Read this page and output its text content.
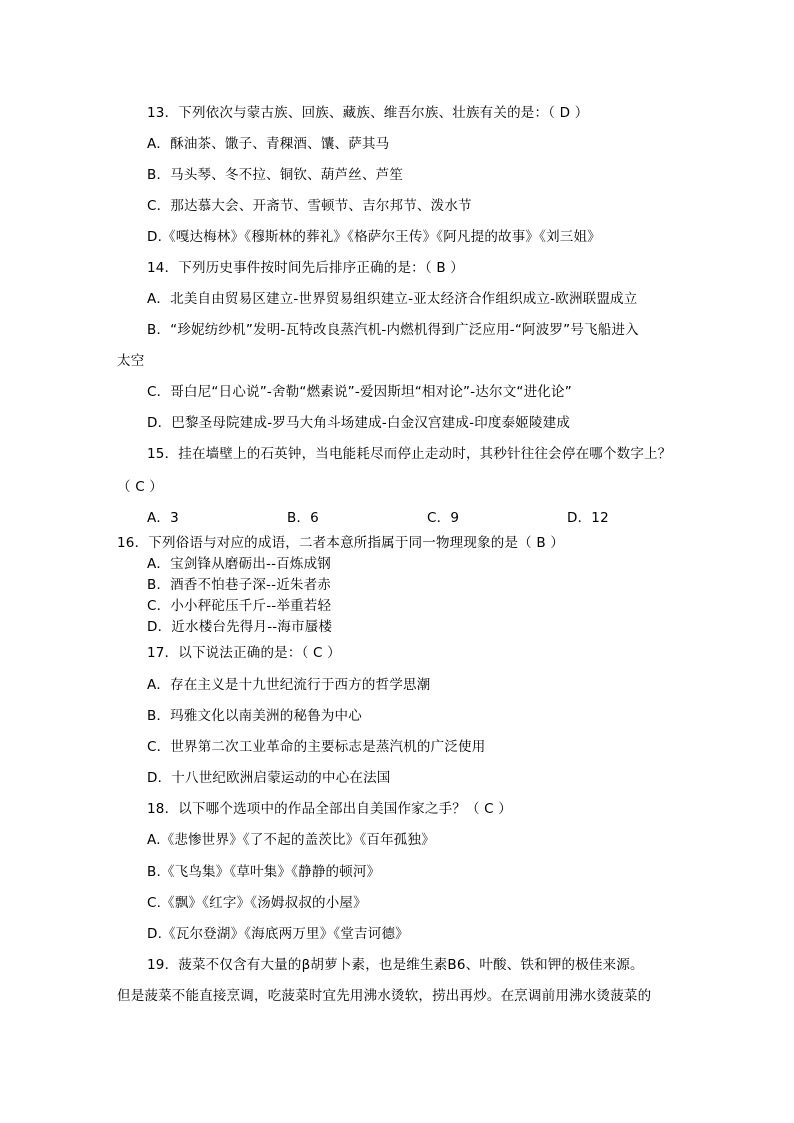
13．下列依次与蒙古族、回族、藏族、维吾尔族、壮族有关的是：（ D ）
A．酥油茶、馓子、青稞酒、馕、萨其马
B．马头琴、冬不拉、铜钦、葫芦丝、芦笙
C．那达慕大会、开斋节、雪顿节、吉尔邦节、泼水节
D.《嘎达梅林》《穆斯林的葬礼》《格萨尔王传》《阿凡提的故事》《刘三姐》
14．下列历史事件按时间先后排序正确的是：（ B ）
A．北美自由贸易区建立-世界贸易组织建立-亚太经济合作组织成立-欧洲联盟成立
B．“珍妮纺纱机”发明-瓦特改良蒸汽机-内燃机得到广泛应用-“阿波罗”号飞船进入
太空
C．哥白尼“日心说”-舍勒“燃素说”-爱因斯坦“相对论”-达尔文“进化论”
D．巴黎圣母院建成-罗马大角斗场建成-白金汉宫建成-印度泰姬陵建成
15．挂在墙壁上的石英钟，当电能耗尽而停止走动时，其秒针往往会停在哪个数字上？
（ C ）
A．3	B．6	C．9	D．12
16．下列俗语与对应的成语，二者本意所指属于同一物理现象的是（ B ）
A．宝剑锋从磨砺出--百炼成钢
B．酒香不怕巷子深--近朱者赤
C．小小秤砣压千斤--举重若轻
D．近水楼台先得月--海市蜃楼
17．以下说法正确的是：（ C ）
A．存在主义是十九世纪流行于西方的哲学思潮
B．玛雅文化以南美洲的秘鲁为中心
C．世界第二次工业革命的主要标志是蒸汽机的广泛使用
D．十八世纪欧洲启蒙运动的中心在法国
18．以下哪个选项中的作品全部出自美国作家之手？（ C ）
A.《悲惨世界》《了不起的盖茨比》《百年孤独》
B.《飞鸟集》《草叶集》《静静的顿河》
C.《飘》《红字》《汤姆叔叔的小屋》
D.《瓦尔登湖》《海底两万里》《堂吉诃德》
19．菠菜不仅含有大量的β胡萝卜素，也是维生素B6、叶酸、铁和钾的极佳来源。
但是菠菜不能直接烹调，吃菠菜时宜先用沸水烫软，捞出再炒。在烹调前用沸水烫菠菜的
